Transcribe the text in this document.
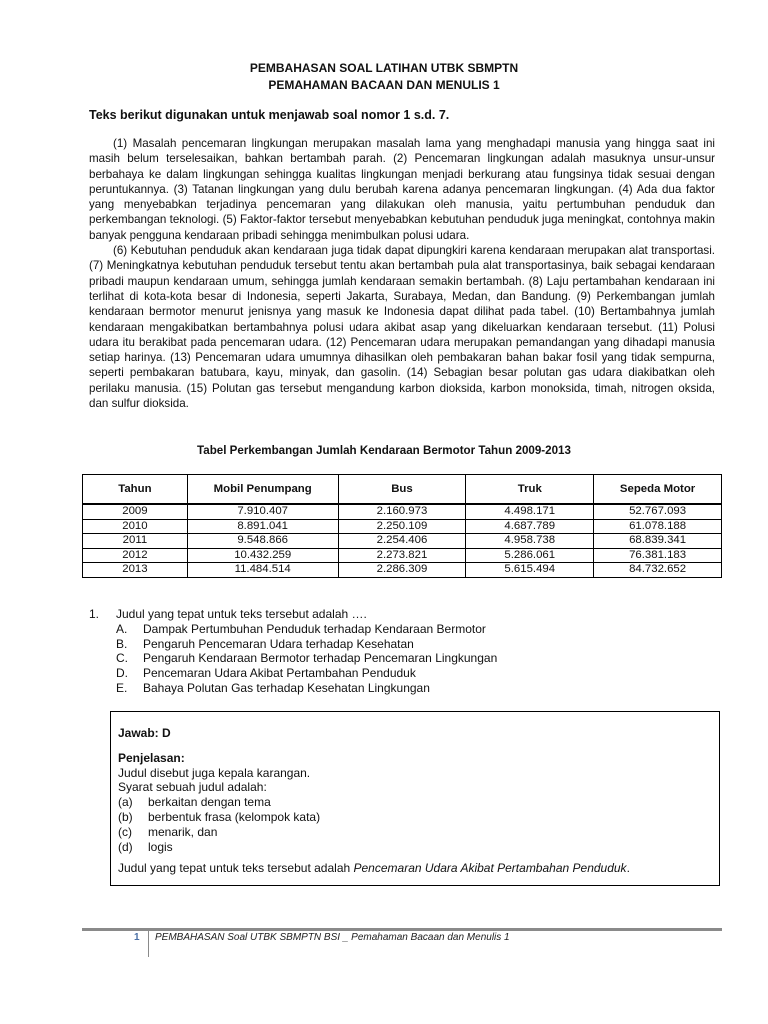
PEMBAHASAN SOAL LATIHAN UTBK SBMPTN
PEMAHAMAN BACAAN DAN MENULIS 1
Teks berikut digunakan untuk menjawab soal nomor 1 s.d. 7.

(1) Masalah pencemaran lingkungan merupakan masalah lama yang menghadapi manusia yang hingga saat ini masih belum terselesaikan, bahkan bertambah parah. (2) Pencemaran lingkungan adalah masuknya unsur-unsur berbahaya ke dalam lingkungan sehingga kualitas lingkungan menjadi berkurang atau fungsinya tidak sesuai dengan peruntukannya. (3) Tatanan lingkungan yang dulu berubah karena adanya pencemaran lingkungan. (4) Ada dua faktor yang menyebabkan terjadinya pencemaran yang dilakukan oleh manusia, yaitu pertumbuhan penduduk dan perkembangan teknologi. (5) Faktor-faktor tersebut menyebabkan kebutuhan penduduk juga meningkat, contohnya makin banyak pengguna kendaraan pribadi sehingga menimbulkan polusi udara.

(6) Kebutuhan penduduk akan kendaraan juga tidak dapat dipungkiri karena kendaraan merupakan alat transportasi. (7) Meningkatnya kebutuhan penduduk tersebut tentu akan bertambah pula alat transportasinya, baik sebagai kendaraan pribadi maupun kendaraan umum, sehingga jumlah kendaraan semakin bertambah. (8) Laju pertambahan kendaraan ini terlihat di kota-kota besar di Indonesia, seperti Jakarta, Surabaya, Medan, dan Bandung. (9) Perkembangan jumlah kendaraan bermotor menurut jenisnya yang masuk ke Indonesia dapat dilihat pada tabel. (10) Bertambahnya jumlah kendaraan mengakibatkan bertambahnya polusi udara akibat asap yang dikeluarkan kendaraan tersebut. (11) Polusi udara itu berakibat pada pencemaran udara. (12) Pencemaran udara merupakan pemandangan yang dihadapi manusia setiap harinya. (13) Pencemaran udara umumnya dihasilkan oleh pembakaran bahan bakar fosil yang tidak sempurna, seperti pembakaran batubara, kayu, minyak, dan gasolin. (14) Sebagian besar polutan gas udara diakibatkan oleh perilaku manusia. (15) Polutan gas tersebut mengandung karbon dioksida, karbon monoksida, timah, nitrogen oksida, dan sulfur dioksida.

Tabel Perkembangan Jumlah Kendaraan Bermotor Tahun 2009-2013
Tahun	Mobil Penumpang	Bus	Truk	Sepeda Motor
2009	7.910.407	2.160.973	4.498.171	52.767.093
2010	8.891.041	2.250.109	4.687.789	61.078.188
2011	9.548.866	2.254.406	4.958.738	68.839.341
2012	10.432.259	2.273.821	5.286.061	76.381.183
2013	11.484.514	2.286.309	5.615.494	84.732.652
1.	Judul yang tepat untuk teks tersebut adalah ….
A.	Dampak Pertumbuhan Penduduk terhadap Kendaraan Bermotor
B.	Pengaruh Pencemaran Udara terhadap Kesehatan
C.	Pengaruh Kendaraan Bermotor terhadap Pencemaran Lingkungan
D.	Pencemaran Udara Akibat Pertambahan Penduduk
E.	Bahaya Polutan Gas terhadap Kesehatan Lingkungan
Jawab: D
Penjelasan:
Judul disebut juga kepala karangan.
Syarat sebuah judul adalah:
(a)	berkaitan dengan tema
(b)	berbentuk frasa (kelompok kata)
(c)	menarik, dan
(d)	logis
Judul yang tepat untuk teks tersebut adalah Pencemaran Udara Akibat Pertambahan Penduduk.
1 PEMBAHASAN Soal UTBK SBMPTN BSI _ Pemahaman Bacaan dan Menulis 1
